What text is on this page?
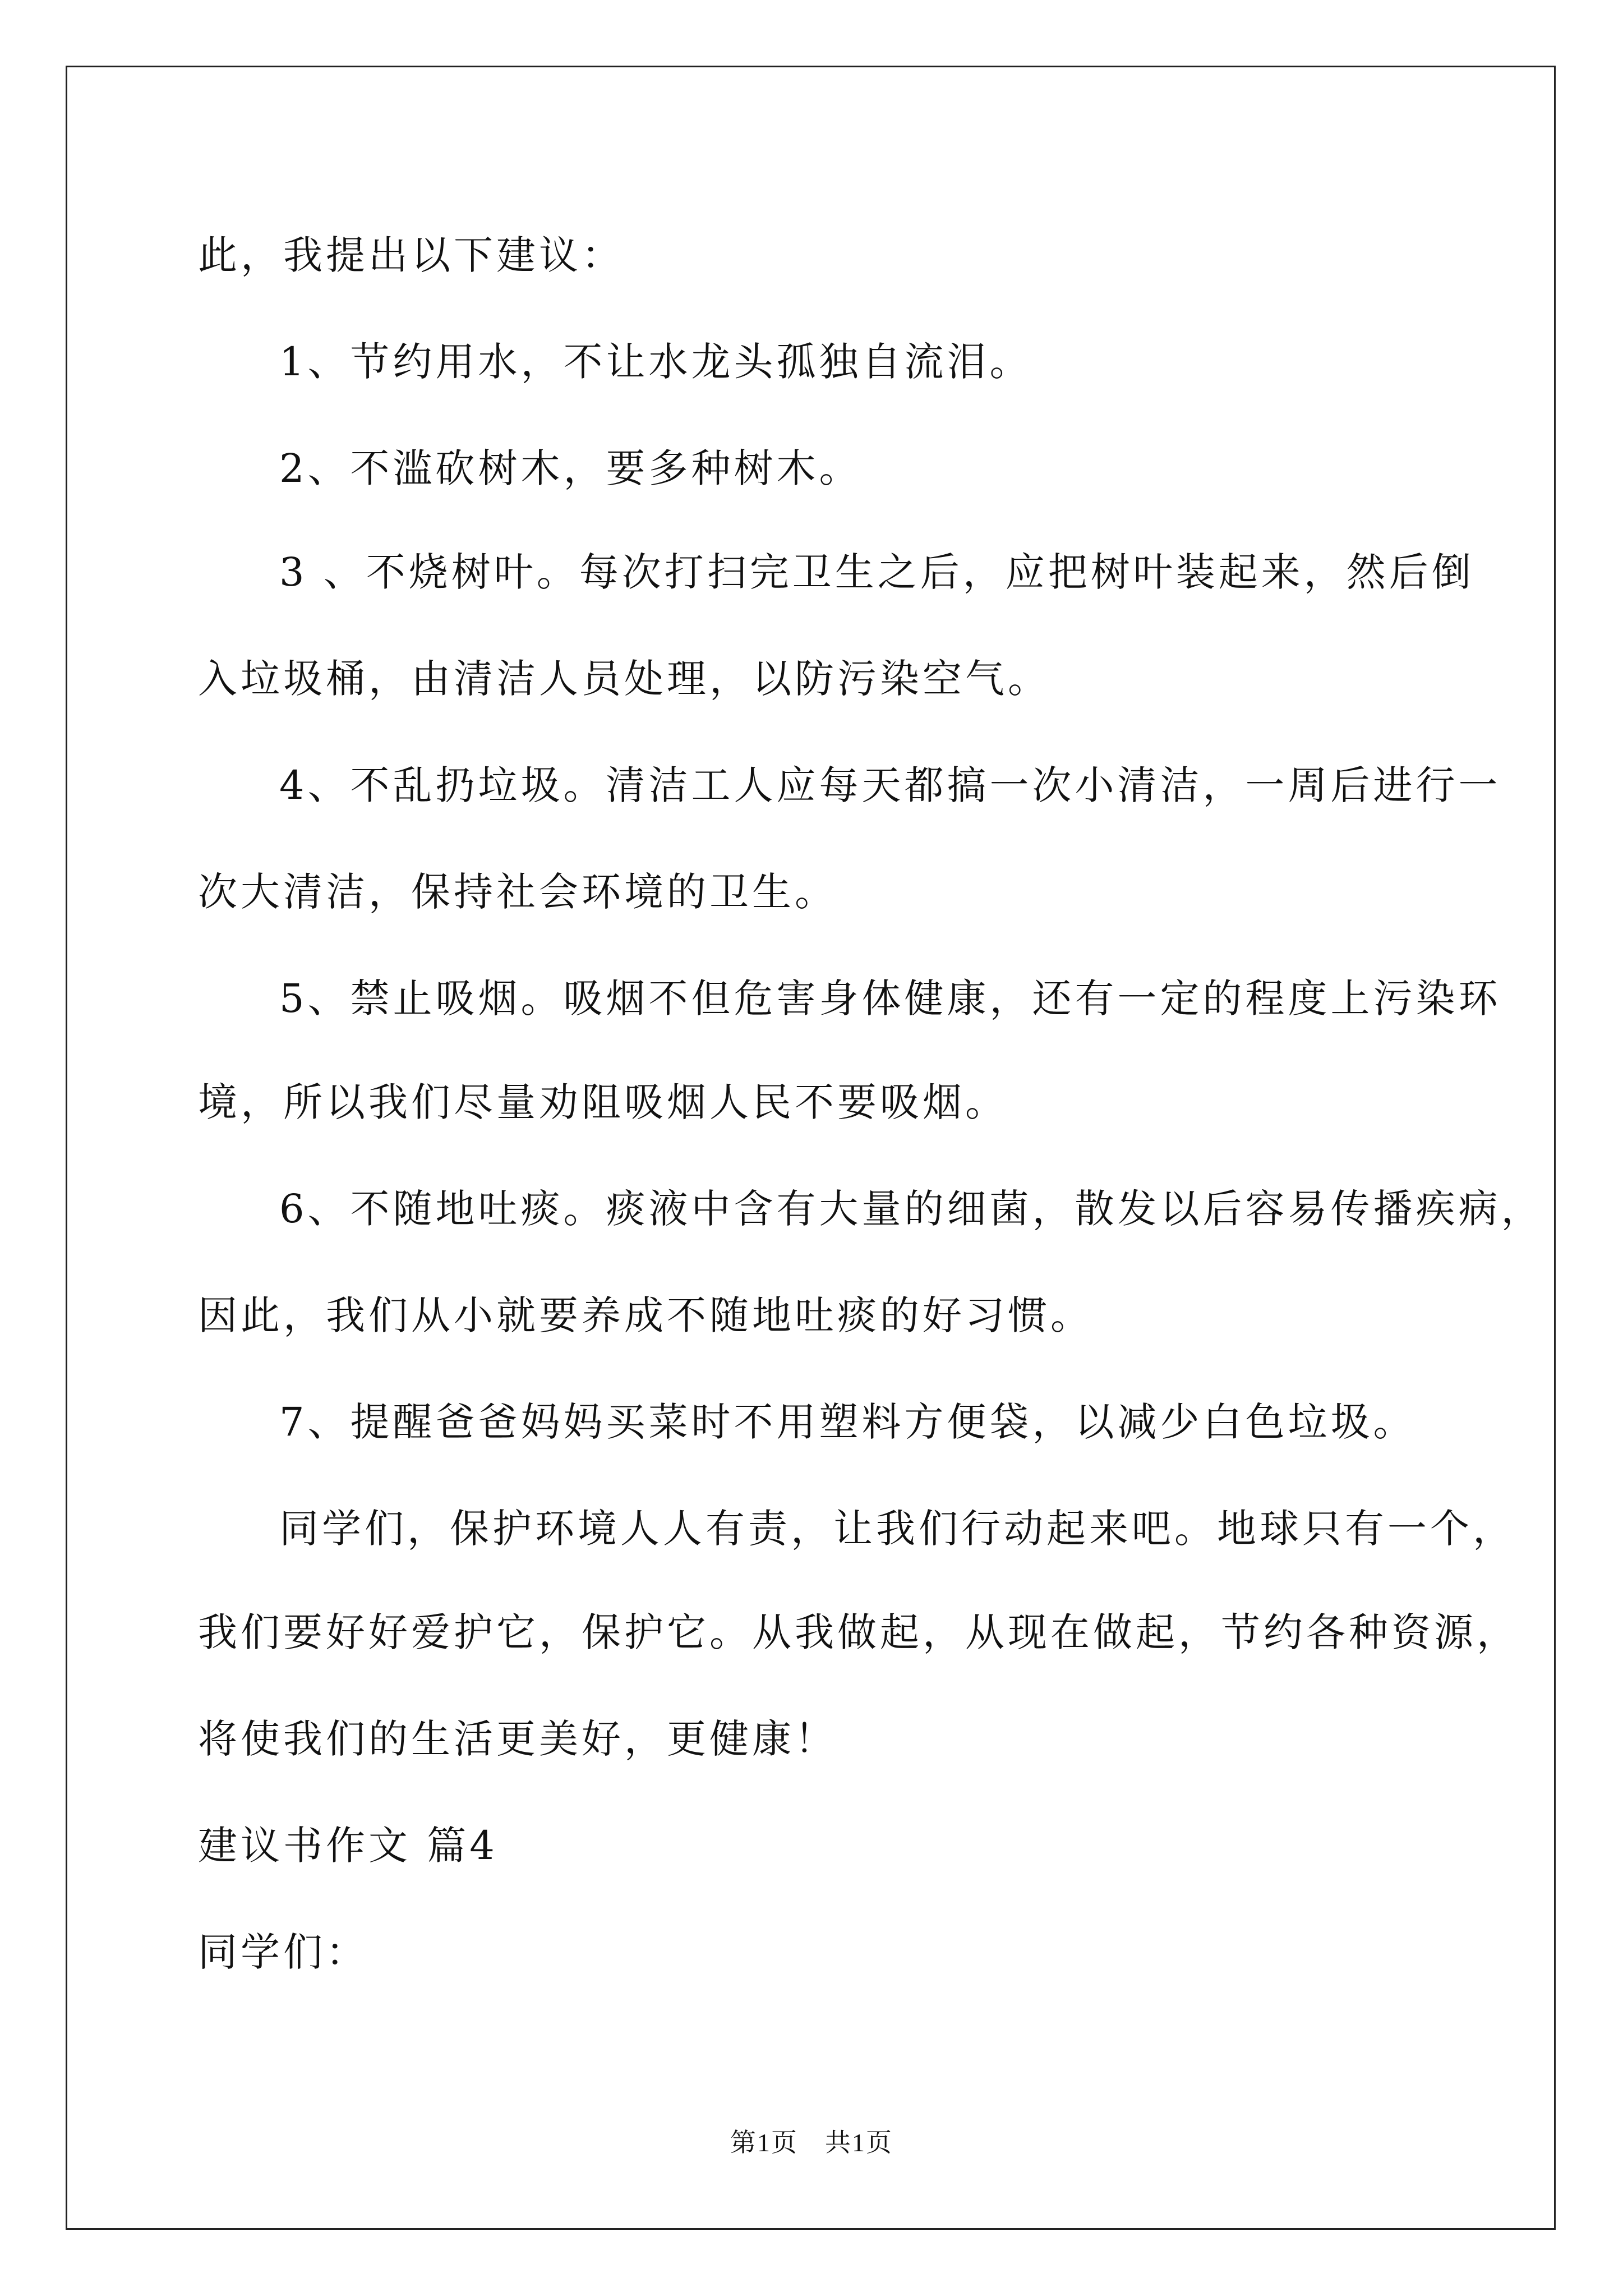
此，我提出以下建议：
1、节约用水，不让水龙头孤独自流泪。
2、不滥砍树木，要多种树木。
3 、不烧树叶。每次打扫完卫生之后，应把树叶装起来，然后倒
入垃圾桶，由清洁人员处理，以防污染空气。
4、不乱扔垃圾。清洁工人应每天都搞一次小清洁，一周后进行一
次大清洁，保持社会环境的卫生。
5、禁止吸烟。吸烟不但危害身体健康，还有一定的程度上污染环
境，所以我们尽量劝阻吸烟人民不要吸烟。
6、不随地吐痰。痰液中含有大量的细菌，散发以后容易传播疾病，
因此，我们从小就要养成不随地吐痰的好习惯。
7、提醒爸爸妈妈买菜时不用塑料方便袋，以减少白色垃圾。
同学们，保护环境人人有责，让我们行动起来吧。地球只有一个，
我们要好好爱护它，保护它。从我做起，从现在做起，节约各种资源，
将使我们的生活更美好，更健康！
建议书作文 篇4
同学们：
第1页　共1页
